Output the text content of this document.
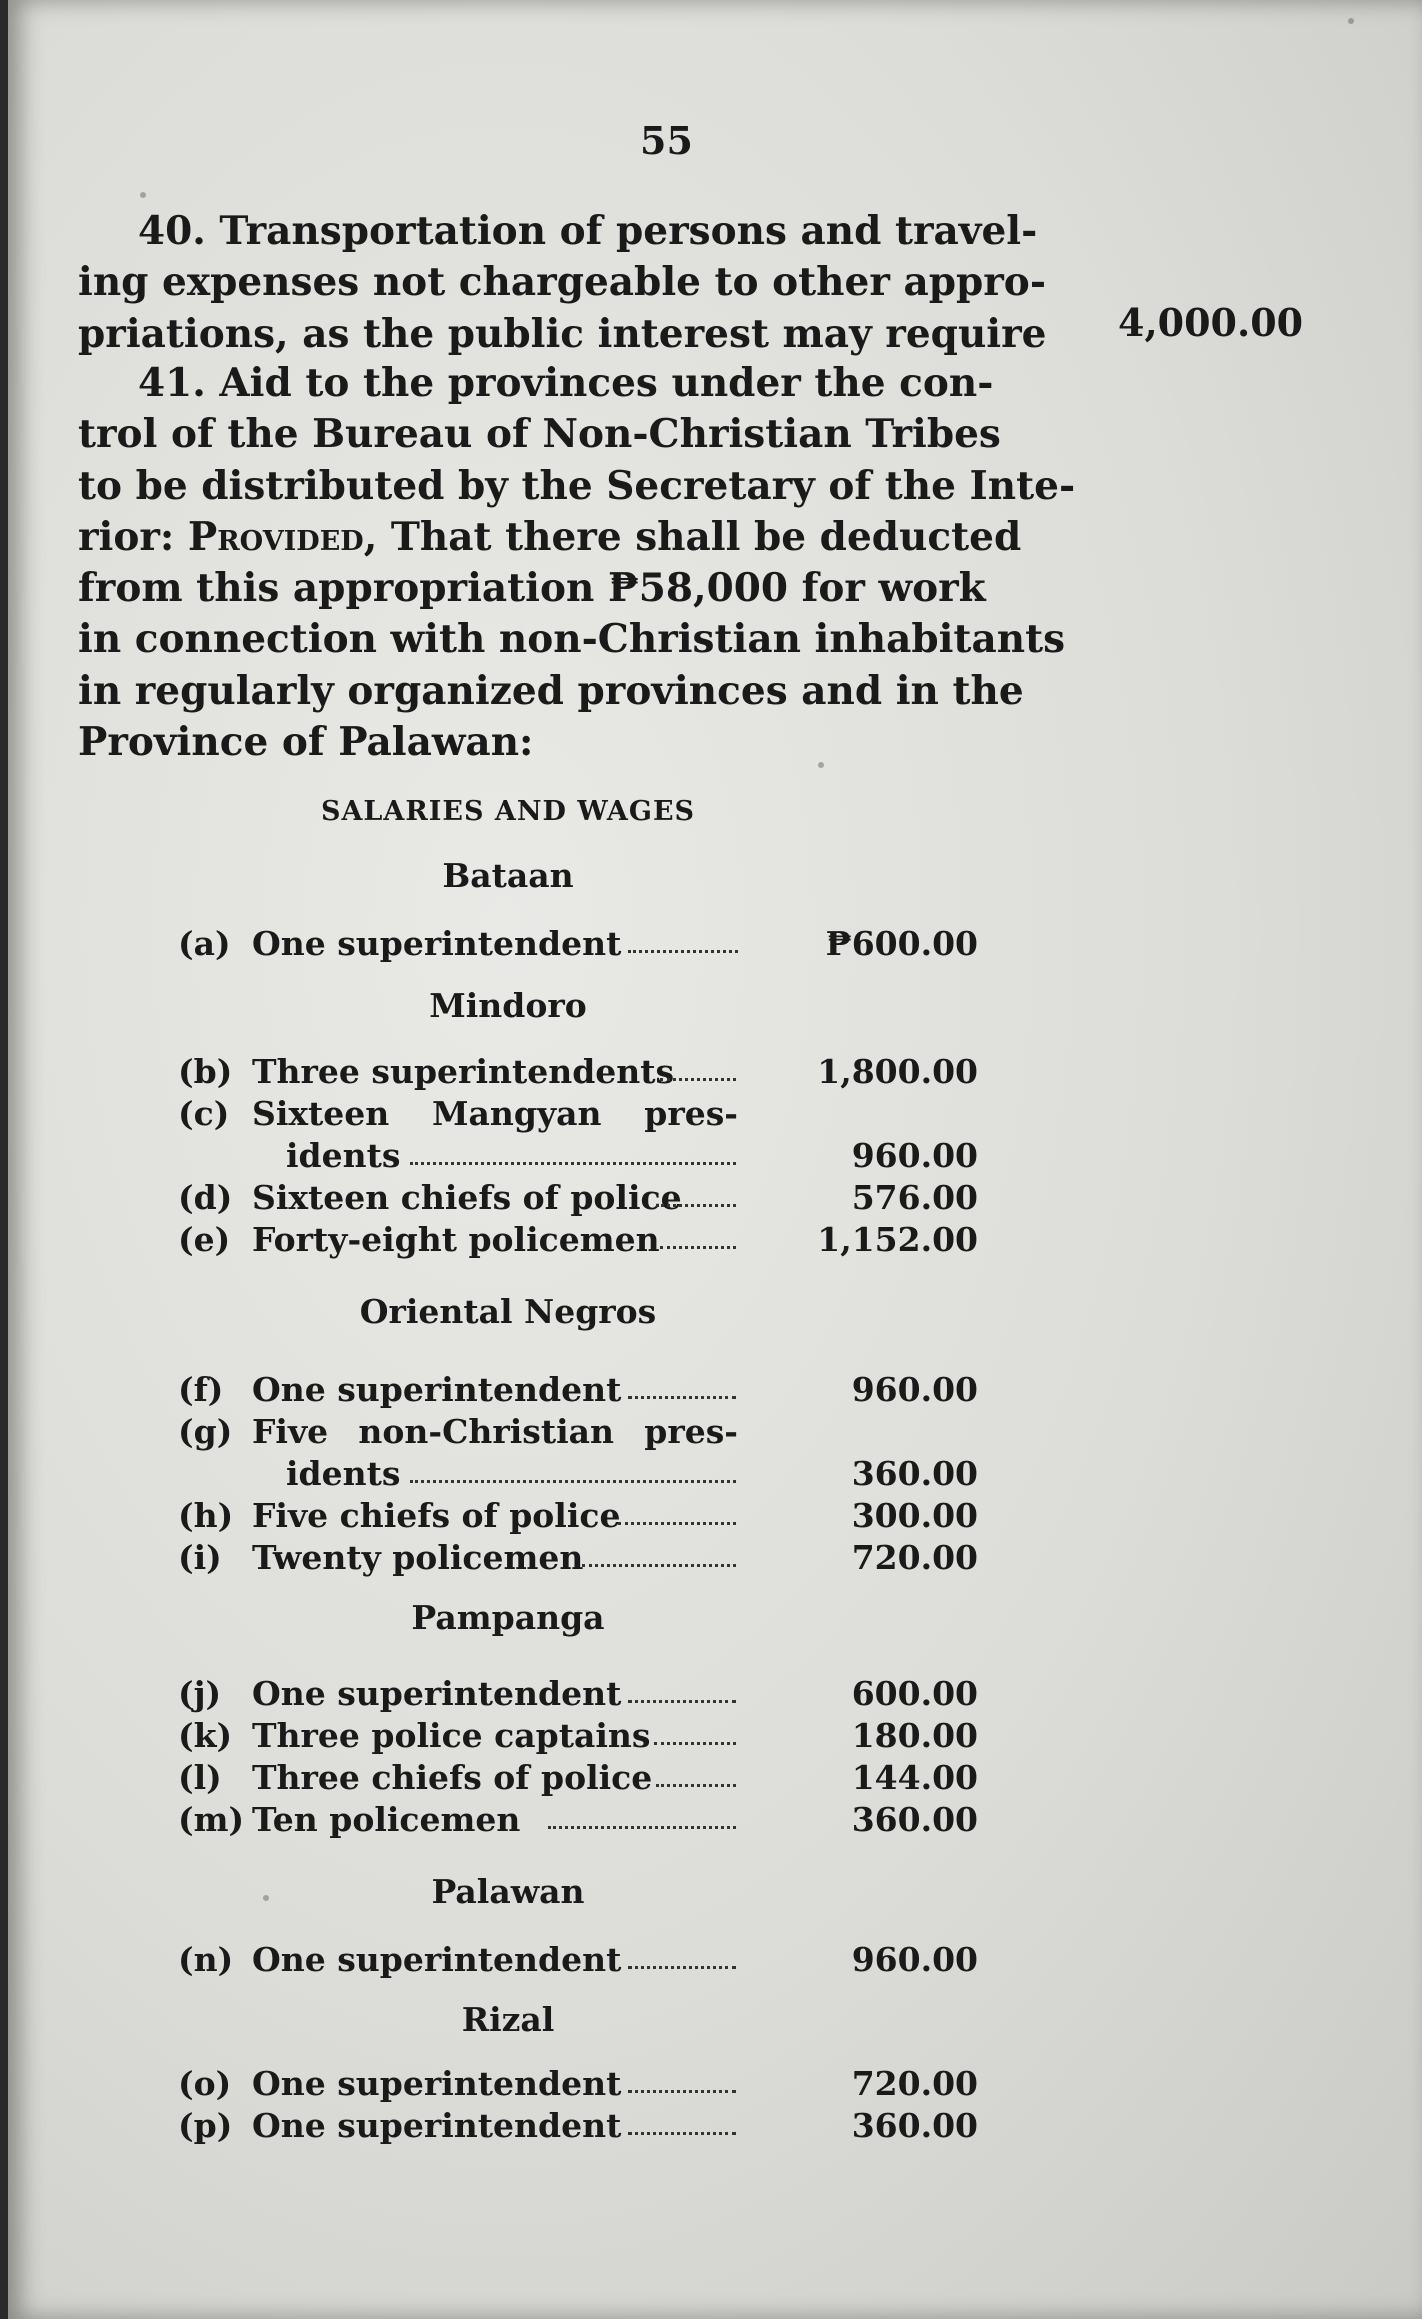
55

40. Transportation of persons and travel-
ing expenses not chargeable to other appro-
priations, as the public interest may require 4,000.00

41. Aid to the provinces under the con-
trol of the Bureau of Non-Christian Tribes
to be distributed by the Secretary of the Inte-
rior: Provided, That there shall be deducted
from this appropriation ₱58,000 for work
in connection with non-Christian inhabitants
in regularly organized provinces and in the
Province of Palawan:

SALARIES AND WAGES
Bataan
(a) One superintendent	₱600.00
Mindoro
(b) Three superintendents	1,800.00
(c) Sixteen Mangyan pres-
idents	960.00
(d) Sixteen chiefs of police	576.00
(e) Forty-eight policemen	1,152.00
Oriental Negros
(f) One superintendent	960.00
(g) Five non-Christian pres-
idents	360.00
(h) Five chiefs of police	300.00
(i) Twenty policemen	720.00
Pampanga
(j) One superintendent	600.00
(k) Three police captains	180.00
(l) Three chiefs of police	144.00
(m) Ten policemen	360.00
Palawan
(n) One superintendent	960.00
Rizal
(o) One superintendent	720.00
(p) One superintendent	360.00
